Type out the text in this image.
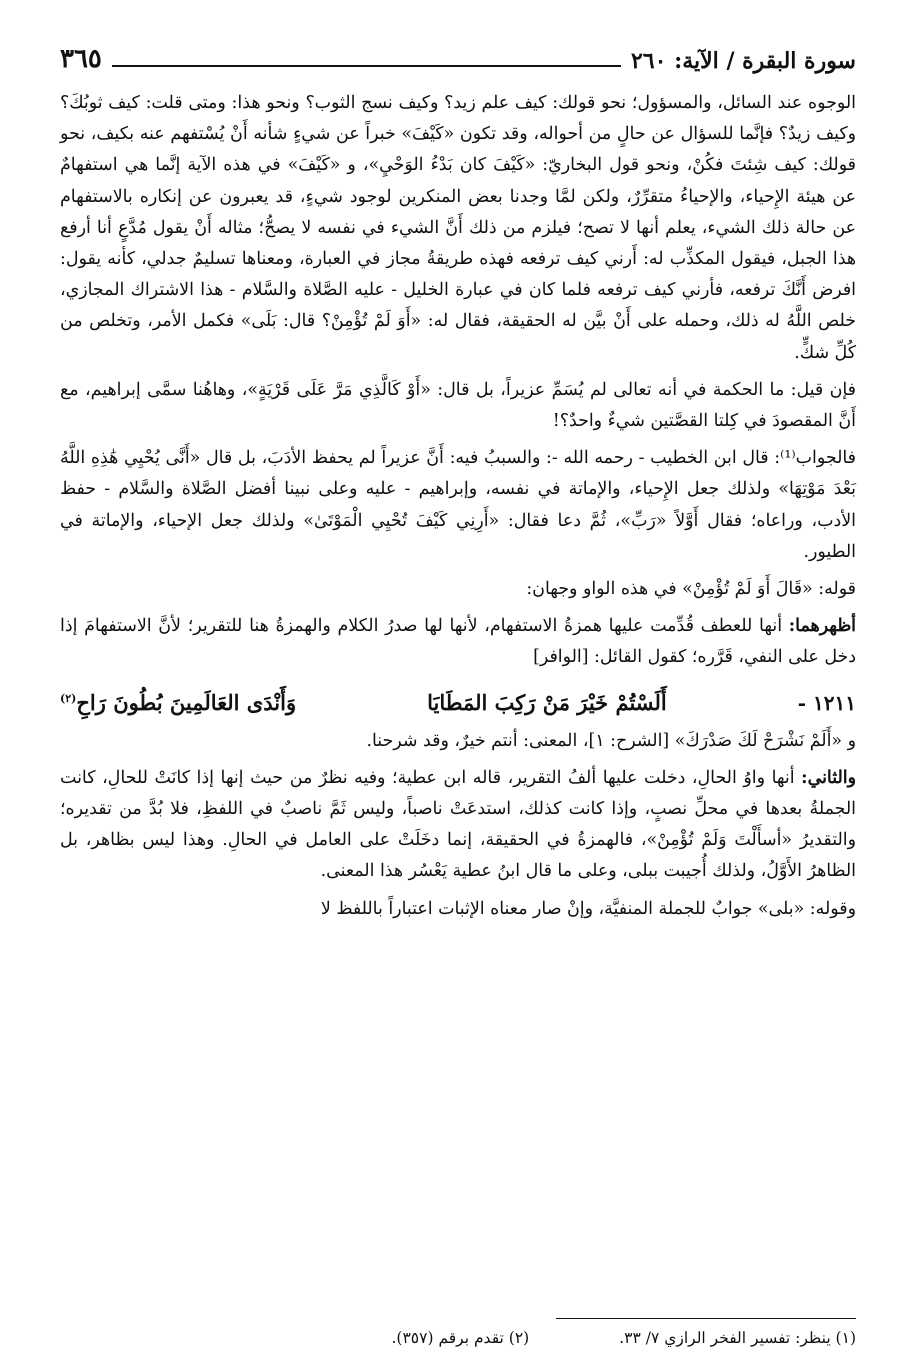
سورة البقرة / الآية: ٢٦٠
٣٦٥

الوجوه عند السائل، والمسؤول؛ نحو قولك: كيف علم زيد؟ وكيف نسج الثوب؟ ونحو هذا: ومتى قلت: كيف ثوبُكَ؟ وكيف زيدٌ؟ فإنَّما للسؤال عن حالٍ من أحواله، وقد تكون «كَيْفَ» خبراً عن شيءٍ شأنه أَنْ يُسْتفهم عنه بكيف، نحو قولك: كيف شِئتَ فكُنْ، ونحو قول البخاريّ: «كَيْفَ كان بَدْءُ الوَحْيِ»، و «كَيْفَ» في هذه الآية إنَّما هي استفهامٌ عن هيئة الإِحياء، والإحياءُ متقرِّرٌ، ولكن لمَّا وجدنا بعض المنكرين لوجود شيءٍ، قد يعبرون عن إنكاره بالاستفهام عن حالة ذلك الشيء، يعلم أنها لا تصح؛ فيلزم من ذلك أَنَّ الشيء في نفسه لا يصحُّ؛ مثاله أَنْ يقول مُدَّعٍ أنا أرفع هذا الجبل، فيقول المكذِّب له: أَرني كيف ترفعه فهذه طريقةُ مجاز في العبارة، ومعناها تسليمٌ جدلي، كأنه يقول: افرض أَنَّكَ ترفعه، فأرني كيف ترفعه فلما كان في عبارة الخليل - عليه الصَّلاة والسَّلام - هذا الاشتراك المجازي، خلص اللَّهُ له ذلك، وحمله على أَنْ بيَّن له الحقيقة، فقال له: «أَوَ لَمْ تُؤْمِنْ؟ قال: بَلَى» فكمل الأمر، وتخلص من كُلِّ شكٍّ.

فإن قيل: ما الحكمة في أنه تعالى لم يُسَمِّ عزيراً، بل قال: «أَوْ كَالَّذِي مَرَّ عَلَى قَرْيَةٍ»، وهاهُنا سمَّى إبراهيم، مع أَنَّ المقصودَ في كِلتا القصَّتين شيءٌ واحدٌ؟!

فالجواب⁽¹⁾: قال ابن الخطيب - رحمه الله -: والسببُ فيه: أَنَّ عزيراً لم يحفظ الأدَبَ، بل قال «أَنَّى يُحْيِي هَٰذِهِ اللَّهُ بَعْدَ مَوْتِهَا» ولذلك جعل الإِحياء، والإماتة في نفسه، وإبراهيم - عليه وعلى نبينا أفضل الصَّلاة والسَّلام - حفظ الأدب، وراعاه؛ فقال أَوَّلاً «رَبِّ»، ثُمَّ دعا فقال: «أَرِنِي كَيْفَ تُحْيِي الْمَوْتَىٰ» ولذلك جعل الإحياء، والإماتة في الطيور.

قوله: «قَالَ أَوَ لَمْ تُؤْمِنْ» في هذه الواو وجهان:

أظهرهما: أنها للعطف قُدِّمت عليها همزةُ الاستفهام، لأنها لها صدرُ الكلام والهمزةُ هنا للتقرير؛ لأنَّ الاستفهامَ إذا دخل على النفي، قَرَّره؛ كقول القائل: [الوافر]

١٢١١ -
أَلَسْتُمْ خَيْرَ مَنْ رَكِبَ المَطَايَا
وَأَنْدَى العَالَمِينَ بُطُونَ رَاحِ$^{(٢)}$

و «أَلَمْ نَشْرَحْ لَكَ صَدْرَكَ» [الشرح: ١]، المعنى: أنتم خيرٌ، وقد شرحنا.

والثاني: أنها واوُ الحالِ، دخلت عليها ألفُ التقرير، قاله ابن عطية؛ وفيه نظرٌ من حيث إنها إذا كانَتْ للحالِ، كانت الجملةُ بعدها في محلِّ نصبٍ، وإذا كانت كذلك، استدعَتْ ناصباً، وليس ثَمَّ ناصبٌ في اللفظِ، فلا بُدَّ من تقديره؛ والتقديرُ «أسأَلْتَ وَلَمْ تُؤْمِنْ»، فالهمزةُ في الحقيقة، إنما دخَلَتْ على العامل في الحالِ. وهذا ليس بظاهر، بل الظاهرُ الأَوَّلُ، ولذلك أُجيبت ببلى، وعلى ما قال ابنُ عطية يَعْسُر هذا المعنى.

وقوله: «بلى» جوابٌ للجملة المنفيَّة، وإنْ صار معناه الإثبات اعتباراً باللفظ لا

(١) ينظر: تفسير الفخر الرازي ٧/ ٣٣.
(٢) تقدم برقم (٣٥٧).
